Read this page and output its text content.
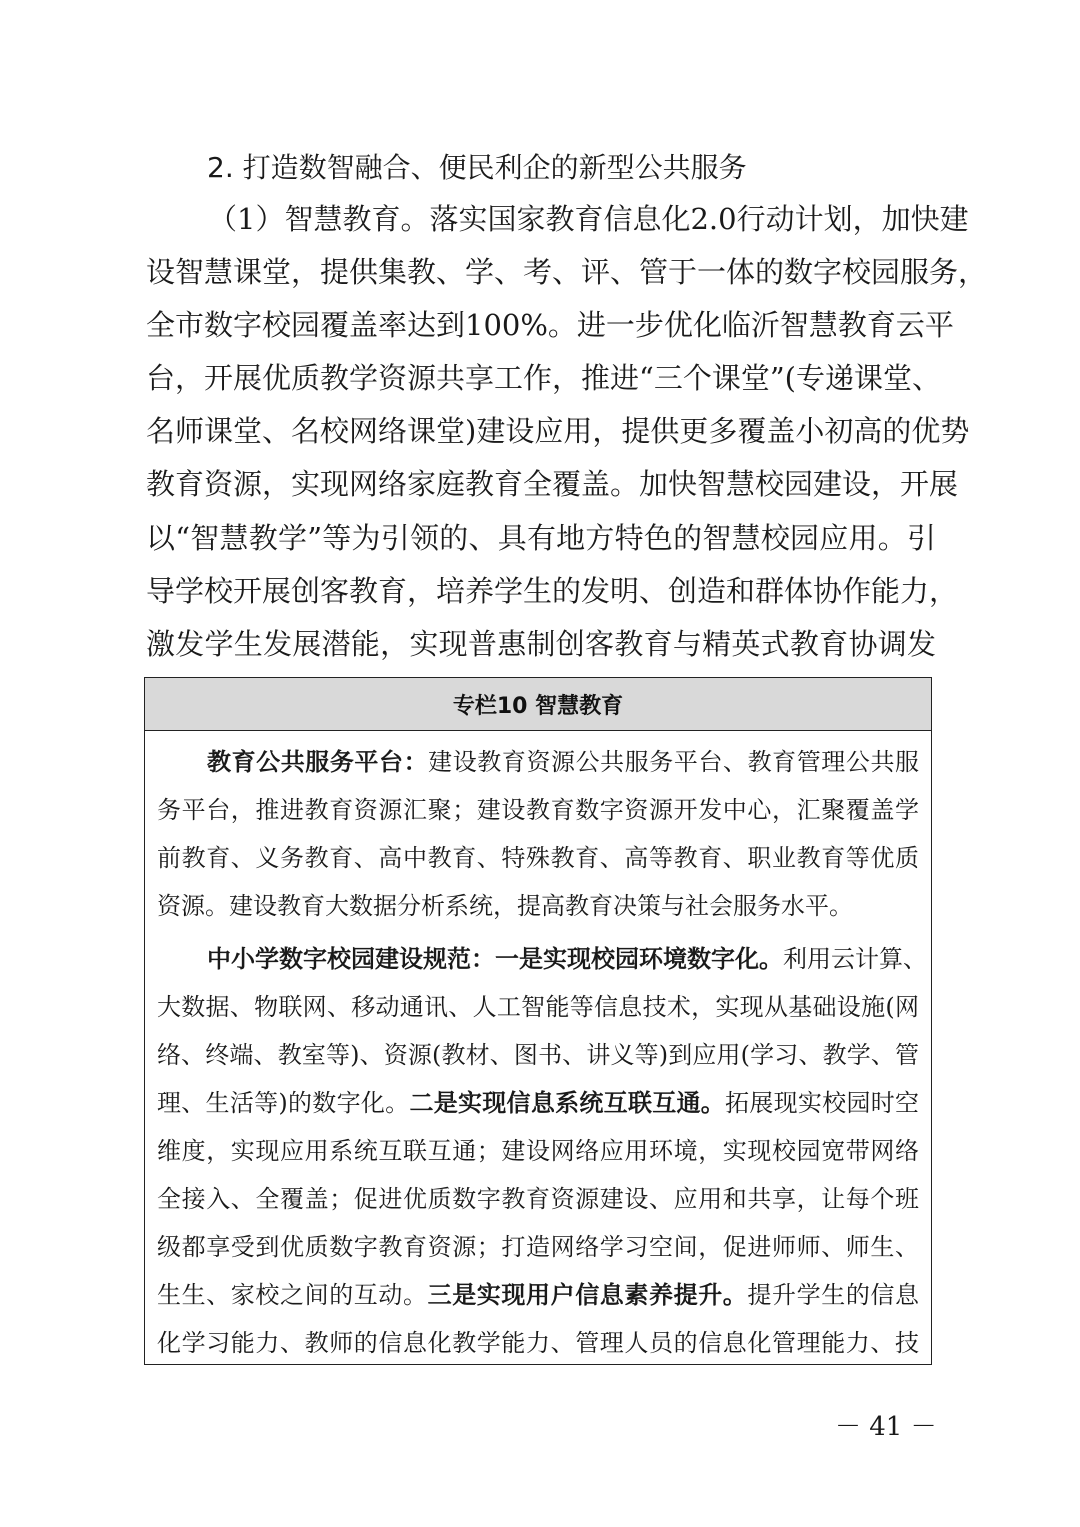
2. 打造数智融合、便民利企的新型公共服务
（1）智慧教育。落实国家教育信息化2.0行动计划，加快建
设智慧课堂，提供集教、学、考、评、管于一体的数字校园服务，
全市数字校园覆盖率达到100%。进一步优化临沂智慧教育云平
台，开展优质教学资源共享工作，推进“三个课堂”(专递课堂、
名师课堂、名校网络课堂)建设应用，提供更多覆盖小初高的优势
教育资源，实现网络家庭教育全覆盖。加快智慧校园建设，开展
以“智慧教学”等为引领的、具有地方特色的智慧校园应用。引
导学校开展创客教育，培养学生的发明、创造和群体协作能力，
激发学生发展潜能，实现普惠制创客教育与精英式教育协调发
专栏10 智慧教育
教育公共服务平台：建设教育资源公共服务平台、教育管理公共服
务平台，推进教育资源汇聚；建设教育数字资源开发中心，汇聚覆盖学
前教育、义务教育、高中教育、特殊教育、高等教育、职业教育等优质
资源。建设教育大数据分析系统，提高教育决策与社会服务水平。
中小学数字校园建设规范：一是实现校园环境数字化。利用云计算、
大数据、物联网、移动通讯、人工智能等信息技术，实现从基础设施(网
络、终端、教室等)、资源(教材、图书、讲义等)到应用(学习、教学、管
理、生活等)的数字化。二是实现信息系统互联互通。拓展现实校园时空
维度，实现应用系统互联互通；建设网络应用环境，实现校园宽带网络
全接入、全覆盖；促进优质数字教育资源建设、应用和共享，让每个班
级都享受到优质数字教育资源；打造网络学习空间，促进师师、师生、
生生、家校之间的互动。三是实现用户信息素养提升。提升学生的信息
化学习能力、教师的信息化教学能力、管理人员的信息化管理能力、技
－ 41 －
